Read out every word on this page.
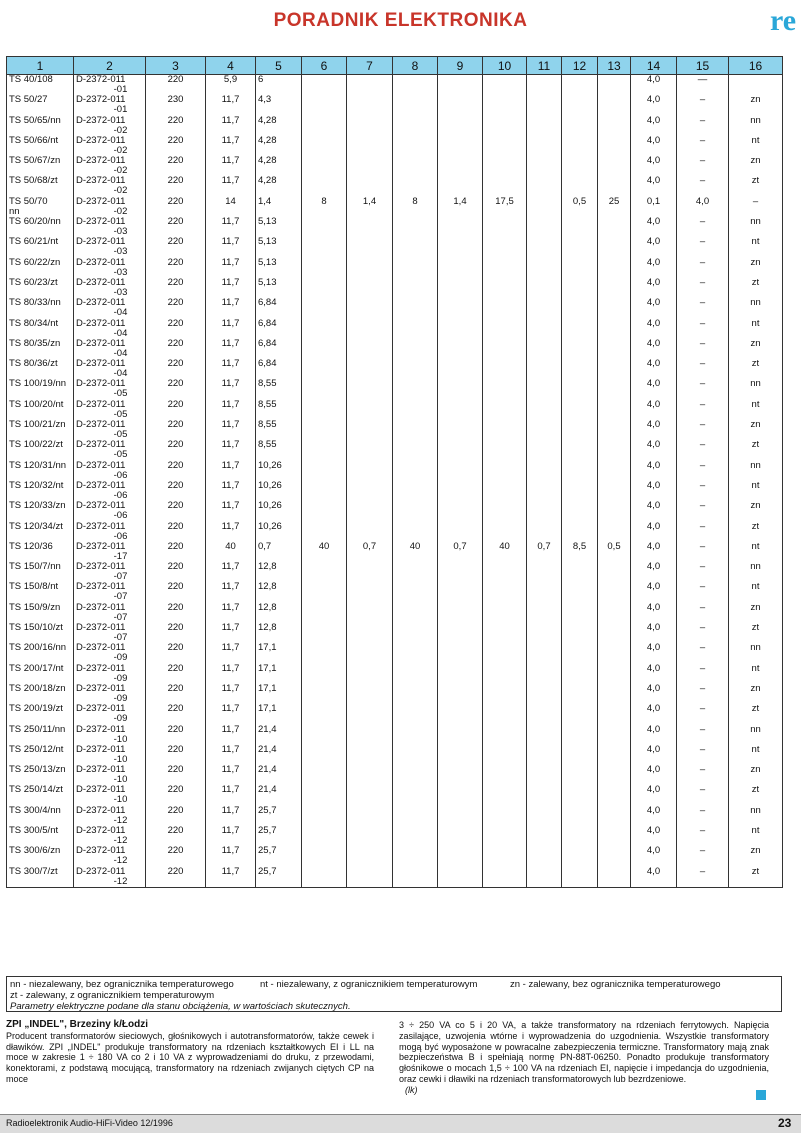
PORADNIK ELEKTRONIKA	re
1	2	3	4	5	6	7	8	9	10	11	12	13	14	15	16

TS 40/108	D-2372-011
-01	220	5,9	6									4,0	—	

TS 50/27	D-2372-011
-01	230	11,7	4,3									4,0	–	zn

TS 50/65/nn	D-2372-011
-02	220	11,7	4,28									4,0	–	nn

TS 50/66/nt	D-2372-011
-02	220	11,7	4,28									4,0	–	nt

TS 50/67/zn	D-2372-011
-02	220	11,7	4,28									4,0	–	zn

TS 50/68/zt	D-2372-011
-02	220	11,7	4,28									4,0	–	zt

TS 50/70
nn	D-2372-011
-02	220	14	1,4	8	1,4	8	1,4	17,5		0,5	25	0,1	4,0	–

TS 60/20/nn	D-2372-011
-03	220	11,7	5,13									4,0	–	nn

TS 60/21/nt	D-2372-011
-03	220	11,7	5,13									4,0	–	nt

TS 60/22/zn	D-2372-011
-03	220	11,7	5,13									4,0	–	zn

TS 60/23/zt	D-2372-011
-03	220	11,7	5,13									4,0	–	zt

TS 80/33/nn	D-2372-011
-04	220	11,7	6,84									4,0	–	nn

TS 80/34/nt	D-2372-011
-04	220	11,7	6,84									4,0	–	nt

TS 80/35/zn	D-2372-011
-04	220	11,7	6,84									4,0	–	zn

TS 80/36/zt	D-2372-011
-04	220	11,7	6,84									4,0	–	zt

TS 100/19/nn	D-2372-011
-05	220	11,7	8,55									4,0	–	nn

TS 100/20/nt	D-2372-011
-05	220	11,7	8,55									4,0	–	nt

TS 100/21/zn	D-2372-011
-05	220	11,7	8,55									4,0	–	zn

TS 100/22/zt	D-2372-011
-05	220	11,7	8,55									4,0	–	zt

TS 120/31/nn	D-2372-011
-06	220	11,7	10,26									4,0	–	nn

TS 120/32/nt	D-2372-011
-06	220	11,7	10,26									4,0	–	nt

TS 120/33/zn	D-2372-011
-06	220	11,7	10,26									4,0	–	zn

TS 120/34/zt	D-2372-011
-06	220	11,7	10,26									4,0	–	zt

TS 120/36	D-2372-011
-17	220	40	0,7	40	0,7	40	0,7	40	0,7	8,5	0,5	4,0	–	nt

TS 150/7/nn	D-2372-011
-07	220	11,7	12,8									4,0	–	nn

TS 150/8/nt	D-2372-011
-07	220	11,7	12,8									4,0	–	nt

TS 150/9/zn	D-2372-011
-07	220	11,7	12,8									4,0	–	zn

TS 150/10/zt	D-2372-011
-07	220	11,7	12,8									4,0	–	zt

TS 200/16/nn	D-2372-011
-09	220	11,7	17,1									4,0	–	nn

TS 200/17/nt	D-2372-011
-09	220	11,7	17,1									4,0	–	nt

TS 200/18/zn	D-2372-011
-09	220	11,7	17,1									4,0	–	zn

TS 200/19/zt	D-2372-011
-09	220	11,7	17,1									4,0	–	zt

TS 250/11/nn	D-2372-011
-10	220	11,7	21,4									4,0	–	nn

TS 250/12/nt	D-2372-011
-10	220	11,7	21,4									4,0	–	nt

TS 250/13/zn	D-2372-011
-10	220	11,7	21,4									4,0	–	zn

TS 250/14/zt	D-2372-011
-10	220	11,7	21,4									4,0	–	zt

TS 300/4/nn	D-2372-011
-12	220	11,7	25,7									4,0	–	nn

TS 300/5/nt	D-2372-011
-12	220	11,7	25,7									4,0	–	nt

TS 300/6/zn	D-2372-011
-12	220	11,7	25,7									4,0	–	zn

TS 300/7/zt	D-2372-011
-12	220	11,7	25,7									4,0	–	zt
nn - niezalewany, bez ogranicznika temperaturowego	nt - niezalewany, z ogranicznikiem temperaturowym	zn - zalewany, bez ogranicznika temperaturowego
zt - zalewany, z ogranicznikiem temperaturowym
Parametry elektryczne podane dla stanu obciążenia, w wartościach skutecznych.
ZPI „INDEL", Brzeziny k/Łodzi
Producent transformatorów sieciowych, głośnikowych i autotransformatorów, także cewek i dławików. ZPI „INDEL" produkuje transformatory na rdzeniach kształtkowych EI i LL na moce w zakresie 1 ÷ 180 VA co 2 i 10 VA z wyprowadzeniami do druku, z przewodami, konektorami, z podstawą mocującą, transformatory na rdzeniach zwijanych ciętych CP na moce
3 ÷ 250 VA co 5 i 20 VA, a także transformatory na rdzeniach ferrytowych. Napięcia zasilające, uzwojenia wtórne i wyprowadzenia do uzgodnienia. Wszystkie transformatory mogą być wyposażone w powracalne zabezpieczenia termiczne. Transformatory mają znak bezpieczeństwa B i spełniają normę PN-88T-06250. Ponadto produkuje transformatory głośnikowe o mocach 1,5 ÷ 100 VA na rdzeniach EI, napięcie i impedancja do uzgodnienia, oraz cewki i dławiki na rdzeniach transformatorowych lub bezrdzeniowe.
(lk)
Radioelektronik Audio-HiFi-Video 12/1996	23
